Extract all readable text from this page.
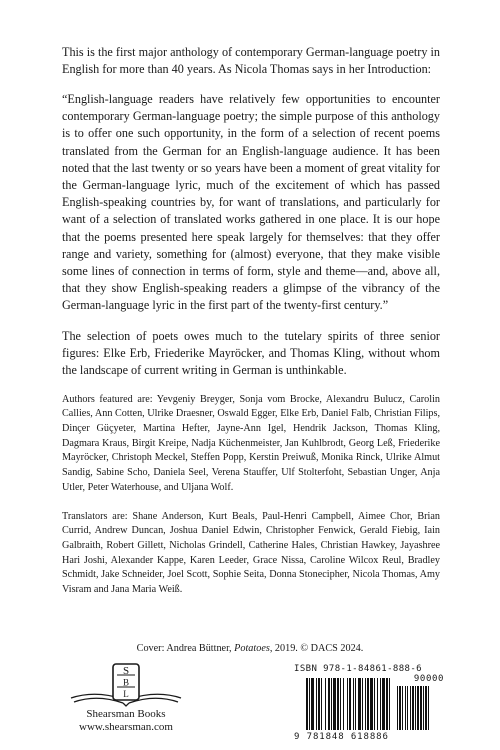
This is the first major anthology of contemporary German-language poetry in English for more than 40 years. As Nicola Thomas says in her Introduction:

“English-language readers have relatively few opportunities to encounter contemporary German-language poetry; the simple purpose of this anthology is to offer one such opportunity, in the form of a selection of recent poems translated from the German for an English-language audience. It has been noted that the last twenty or so years have been a moment of great vitality for the German-language lyric, much of the excitement of which has passed English-speaking countries by, for want of translations, and particularly for want of a selection of translated works gathered in one place. It is our hope that the poems presented here speak largely for themselves: that they offer range and variety, something for (almost) everyone, that they make visible some lines of connection in terms of form, style and theme—and, above all, that they show English-speaking readers a glimpse of the vibrancy of the German-language lyric in the first part of the twenty-first century.”

The selection of poets owes much to the tutelary spirits of three senior figures: Elke Erb, Friederike Mayröcker, and Thomas Kling, without whom the landscape of current writing in German is unthinkable.

Authors featured are: Yevgeniy Breyger, Sonja vom Brocke, Alexandru Bulucz, Carolin Callies, Ann Cotten, Ulrike Draesner, Oswald Egger, Elke Erb, Daniel Falb, Christian Filips, Dinçer Güçyeter, Martina Hefter, Jayne-Ann Igel, Hendrik Jackson, Thomas Kling, Dagmara Kraus, Birgit Kreipe, Nadja Küchenmeister, Jan Kuhlbrodt, Georg Leß, Friederike Mayröcker, Christoph Meckel, Steffen Popp, Kerstin Preiwuß, Monika Rinck, Ulrike Almut Sandig, Sabine Scho, Daniela Seel, Verena Stauffer, Ulf Stolterfoht, Sebastian Unger, Anja Utler, Peter Waterhouse, and Uljana Wolf.

Translators are: Shane Anderson, Kurt Beals, Paul-Henri Campbell, Aimee Chor, Brian Currid, Andrew Duncan, Joshua Daniel Edwin, Christopher Fenwick, Gerald Fiebig, Iain Galbraith, Robert Gillett, Nicholas Grindell, Catherine Hales, Christian Hawkey, Jayashree Hari Joshi, Alexander Kappe, Karen Leeder, Grace Nissa, Caroline Wilcox Reul, Bradley Schmidt, Jake Schneider, Joel Scott, Sophie Seita, Donna Stonecipher, Nicola Thomas, Amy Visram and Jana Maria Weiß.

Cover: Andrea Büttner, Potatoes, 2019. © DACS 2024.
S
B
L
Shearsman Books
www.shearsman.com
ISBN 978-1-84861-888-6
90000
9 781848 618886
